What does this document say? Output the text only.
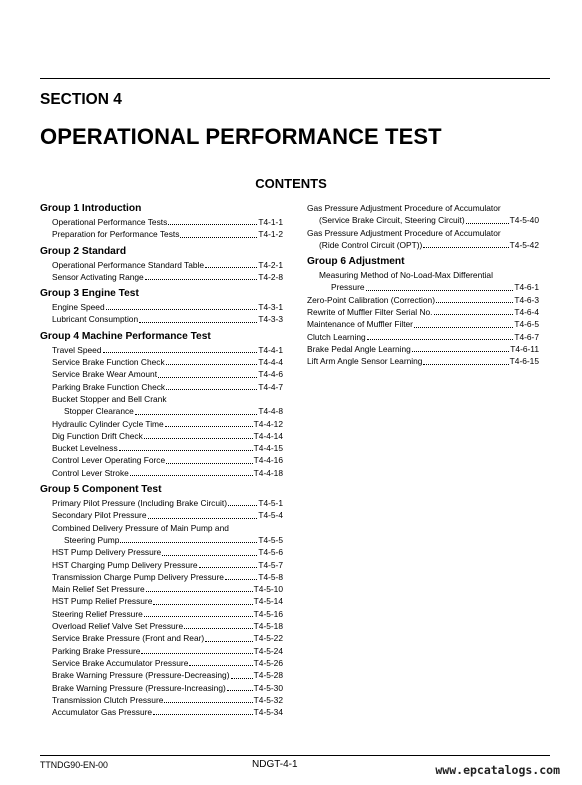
SECTION 4
OPERATIONAL PERFORMANCE TEST
CONTENTS
Group 1 Introduction
Operational Performance Tests	T4-1-1
Preparation for Performance Tests	T4-1-2
Group 2 Standard
Operational Performance Standard Table	T4-2-1
Sensor Activating Range	T4-2-8
Group 3 Engine Test
Engine Speed	T4-3-1
Lubricant Consumption	T4-3-3
Group 4 Machine Performance Test
Travel Speed	T4-4-1
Service Brake Function Check	T4-4-4
Service Brake Wear Amount	T4-4-6
Parking Brake Function Check	T4-4-7
Bucket Stopper and Bell Crank
Stopper Clearance	T4-4-8
Hydraulic Cylinder Cycle Time	T4-4-12
Dig Function Drift Check	T4-4-14
Bucket Levelness	T4-4-15
Control Lever Operating Force	T4-4-16
Control Lever Stroke	T4-4-18
Group 5 Component Test
Primary Pilot Pressure (Including Brake Circuit)	T4-5-1
Secondary Pilot Pressure	T4-5-4
Combined Delivery Pressure of Main Pump and
Steering Pump	T4-5-5
HST Pump Delivery Pressure	T4-5-6
HST Charging Pump Delivery Pressure	T4-5-7
Transmission Charge Pump Delivery Pressure	T4-5-8
Main Relief Set Pressure	T4-5-10
HST Pump Relief Pressure	T4-5-14
Steering Relief Pressure	T4-5-16
Overload Relief Valve Set Pressure	T4-5-18
Service Brake Pressure (Front and Rear)	T4-5-22
Parking Brake Pressure	T4-5-24
Service Brake Accumulator Pressure	T4-5-26
Brake Warning Pressure (Pressure-Decreasing)	T4-5-28
Brake Warning Pressure (Pressure-Increasing)	T4-5-30
Transmission Clutch Pressure	T4-5-32
Accumulator Gas Pressure	T4-5-34
Gas Pressure Adjustment Procedure of Accumulator
(Service Brake Circuit, Steering Circuit)	T4-5-40
Gas Pressure Adjustment Procedure of Accumulator
(Ride Control Circuit (OPT))	T4-5-42
Group 6 Adjustment
Measuring Method of No-Load-Max Differential
Pressure	T4-6-1
Zero-Point Calibration (Correction)	T4-6-3
Rewrite of Muffler Filter Serial No.	T4-6-4
Maintenance of Muffler Filter	T4-6-5
Clutch Learning	T4-6-7
Brake Pedal Angle Learning	T4-6-11
Lift Arm Angle Sensor Learning	T4-6-15
TTNDG90-EN-00	NDGT-4-1	www.epcatalogs.com
